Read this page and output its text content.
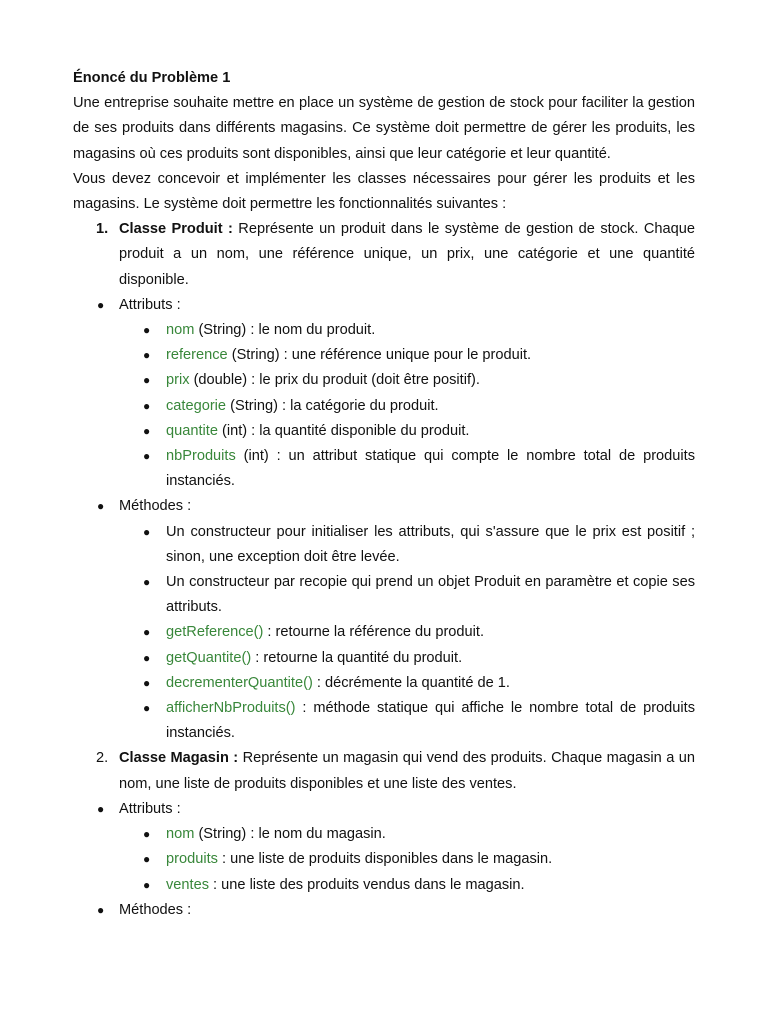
Énoncé du Problème 1

Une entreprise souhaite mettre en place un système de gestion de stock pour faciliter la gestion de ses produits dans différents magasins. Ce système doit permettre de gérer les produits, les magasins où ces produits sont disponibles, ainsi que leur catégorie et leur quantité.

Vous devez concevoir et implémenter les classes nécessaires pour gérer les produits et les magasins. Le système doit permettre les fonctionnalités suivantes :

1. Classe Produit : Représente un produit dans le système de gestion de stock. Chaque produit a un nom, une référence unique, un prix, une catégorie et une quantité disponible.
● Attributs :
● nom (String) : le nom du produit.
● reference (String) : une référence unique pour le produit.
● prix (double) : le prix du produit (doit être positif).
● categorie (String) : la catégorie du produit.
● quantite (int) : la quantité disponible du produit.
● nbProduits (int) : un attribut statique qui compte le nombre total de produits instanciés.
● Méthodes :
● Un constructeur pour initialiser les attributs, qui s'assure que le prix est positif ; sinon, une exception doit être levée.
● Un constructeur par recopie qui prend un objet Produit en paramètre et copie ses attributs.
● getReference() : retourne la référence du produit.
● getQuantite() : retourne la quantité du produit.
● decrementerQuantite() : décrémente la quantité de 1.
● afficherNbProduits() : méthode statique qui affiche le nombre total de produits instanciés.
2. Classe Magasin : Représente un magasin qui vend des produits. Chaque magasin a un nom, une liste de produits disponibles et une liste des ventes.
● Attributs :
● nom (String) : le nom du magasin.
● produits : une liste de produits disponibles dans le magasin.
● ventes : une liste des produits vendus dans le magasin.
● Méthodes :
